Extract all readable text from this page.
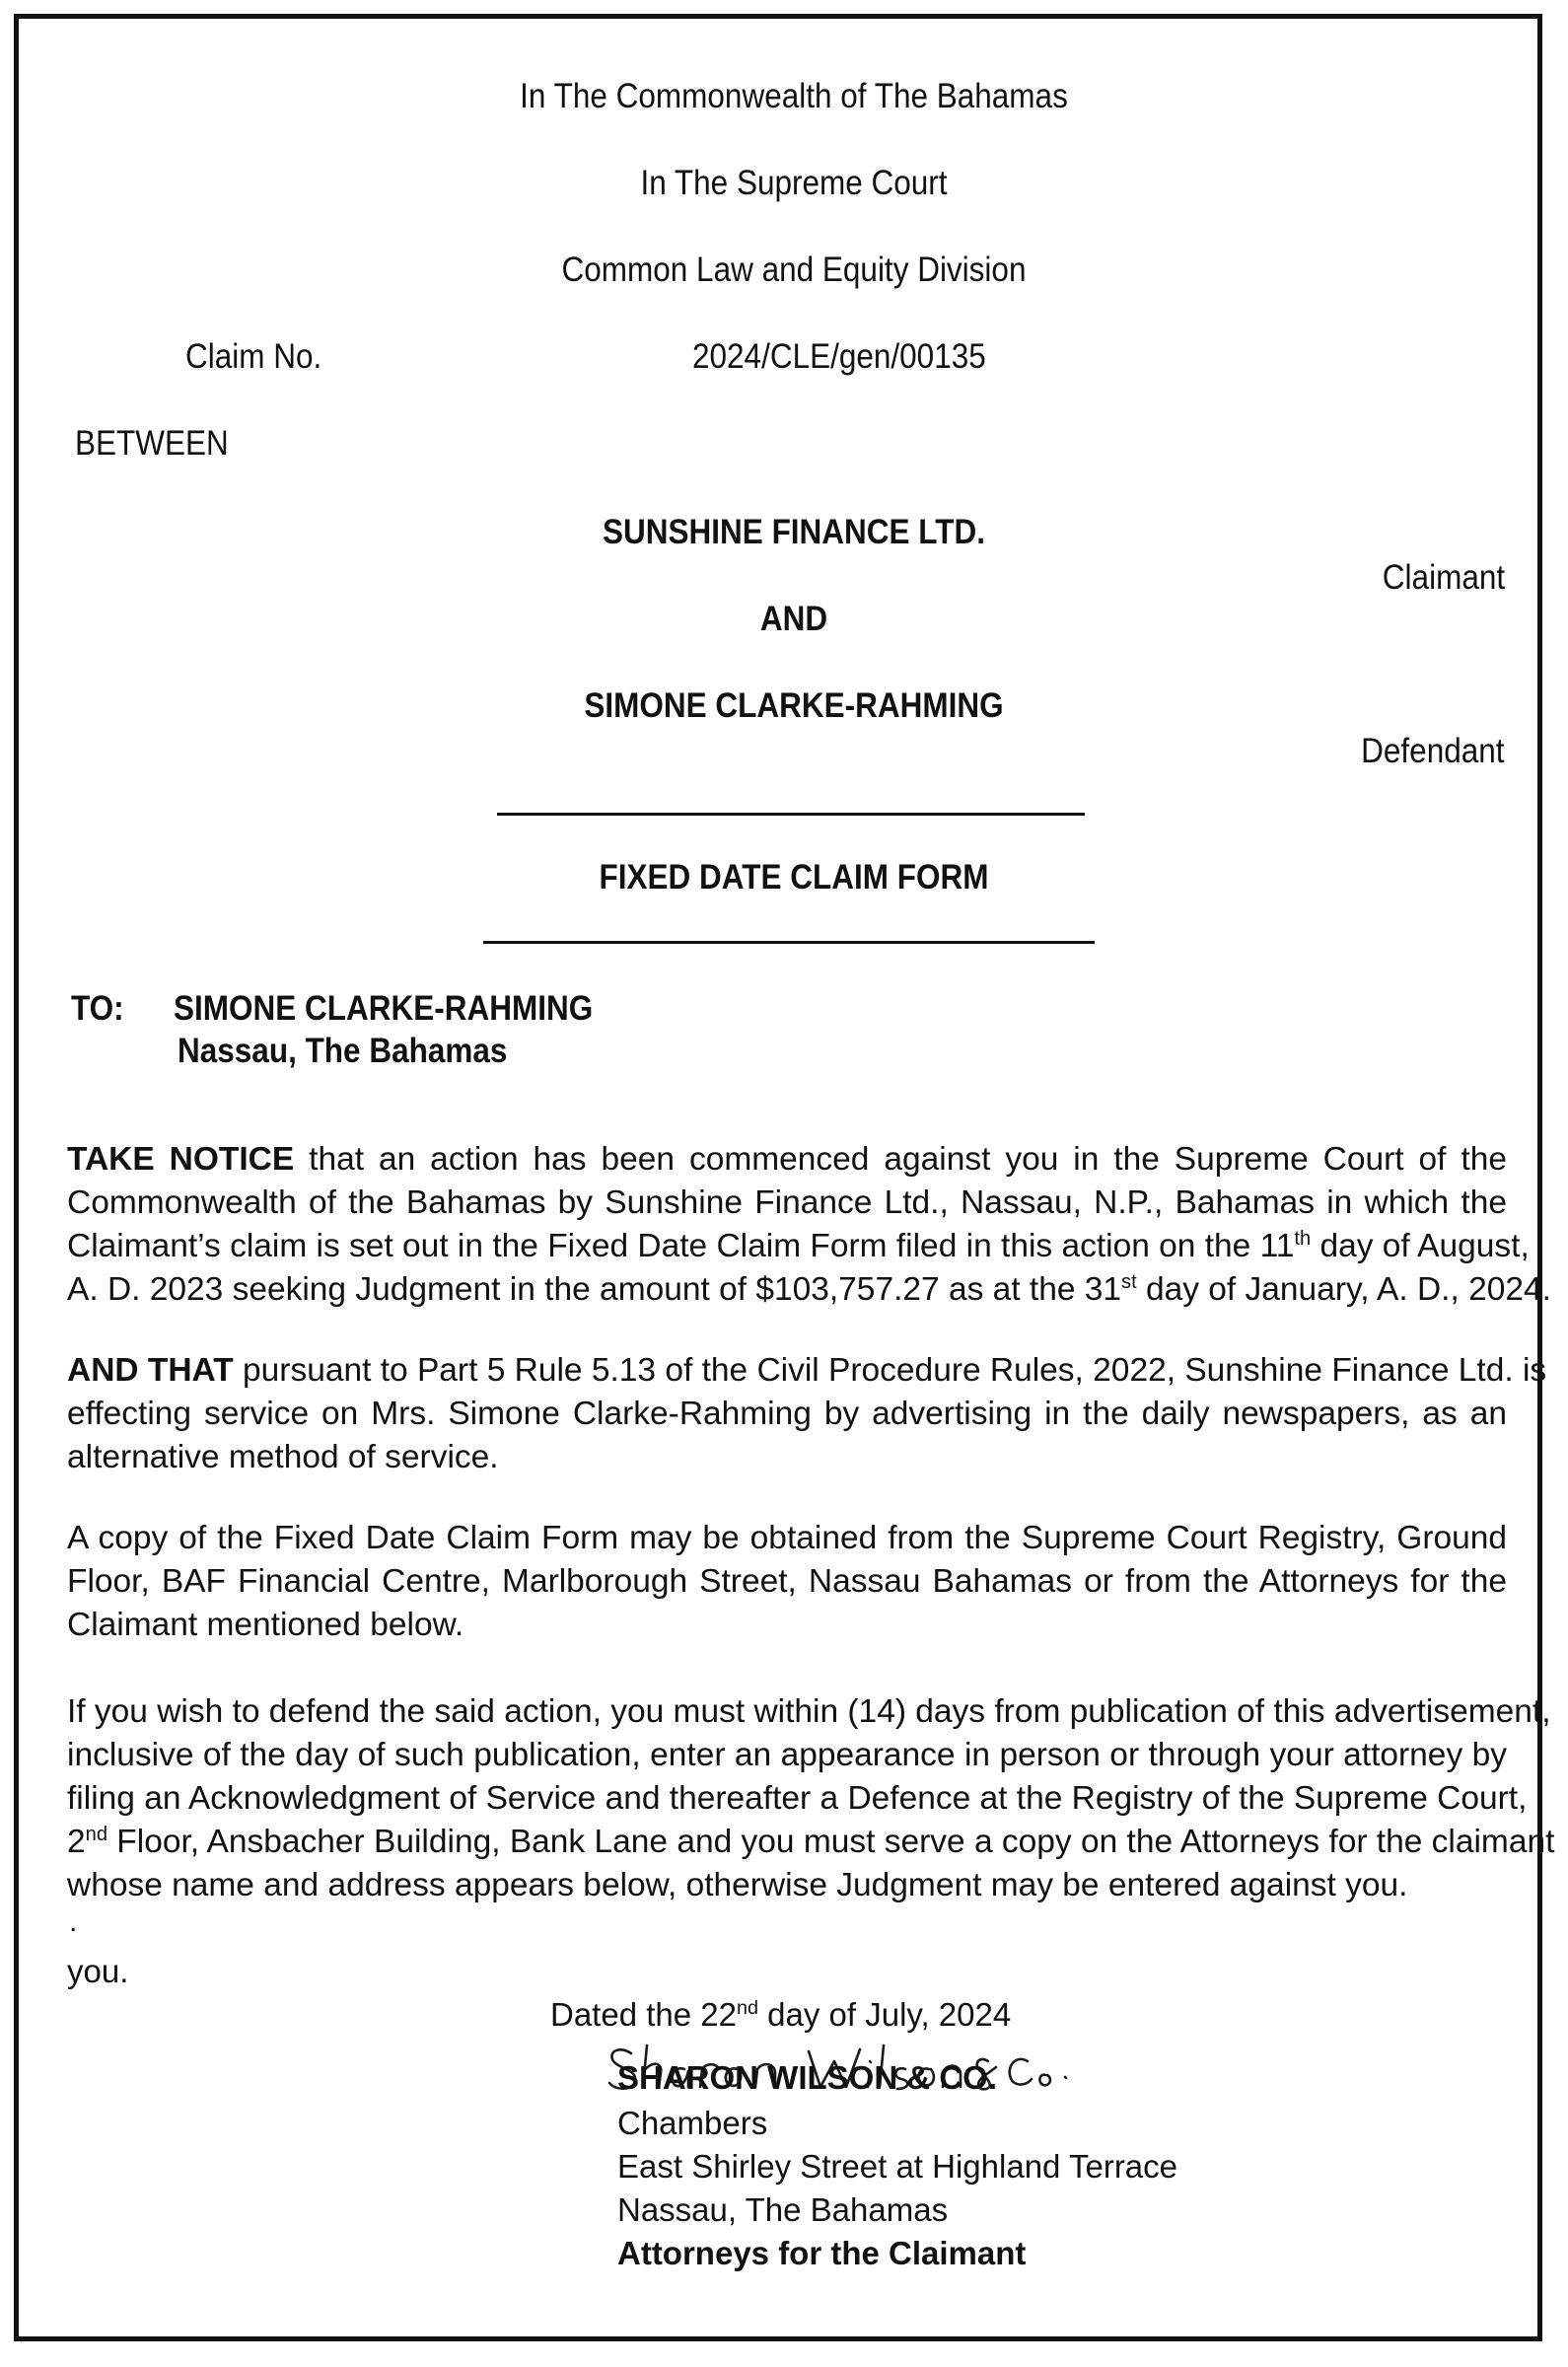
In The Commonwealth of The Bahamas
In The Supreme Court
Common Law and Equity Division
Claim No.	2024/CLE/gen/00135
BETWEEN
SUNSHINE FINANCE LTD.
Claimant
AND
SIMONE CLARKE-RAHMING
Defendant
FIXED DATE CLAIM FORM
TO: SIMONE CLARKE-RAHMING
Nassau, The Bahamas
TAKE NOTICE that an action has been commenced against you in the Supreme Court of the
Commonwealth of the Bahamas by Sunshine Finance Ltd., Nassau, N.P., Bahamas in which the
Claimant’s claim is set out in the Fixed Date Claim Form filed in this action on the 11th day of August,
A. D. 2023 seeking Judgment in the amount of $103,757.27 as at the 31st day of January, A. D., 2024.
AND THAT pursuant to Part 5 Rule 5.13 of the Civil Procedure Rules, 2022, Sunshine Finance Ltd. is
effecting service on Mrs. Simone Clarke-Rahming by advertising in the daily newspapers, as an
alternative method of service.
A copy of the Fixed Date Claim Form may be obtained from the Supreme Court Registry, Ground
Floor, BAF Financial Centre, Marlborough Street, Nassau Bahamas or from the Attorneys for the
Claimant mentioned below.
If you wish to defend the said action, you must within (14) days from publication of this advertisement,
inclusive of the day of such publication, enter an appearance in person or through your attorney by
filing an Acknowledgment of Service and thereafter a Defence at the Registry of the Supreme Court,
2nd Floor, Ansbacher Building, Bank Lane and you must serve a copy on the Attorneys for the claimant
whose name and address appears below, otherwise Judgment may be entered against you.
.
you.
Dated the 22nd day of July, 2024
SHARON WILSON & CO.
Chambers
East Shirley Street at Highland Terrace
Nassau, The Bahamas
Attorneys for the Claimant
